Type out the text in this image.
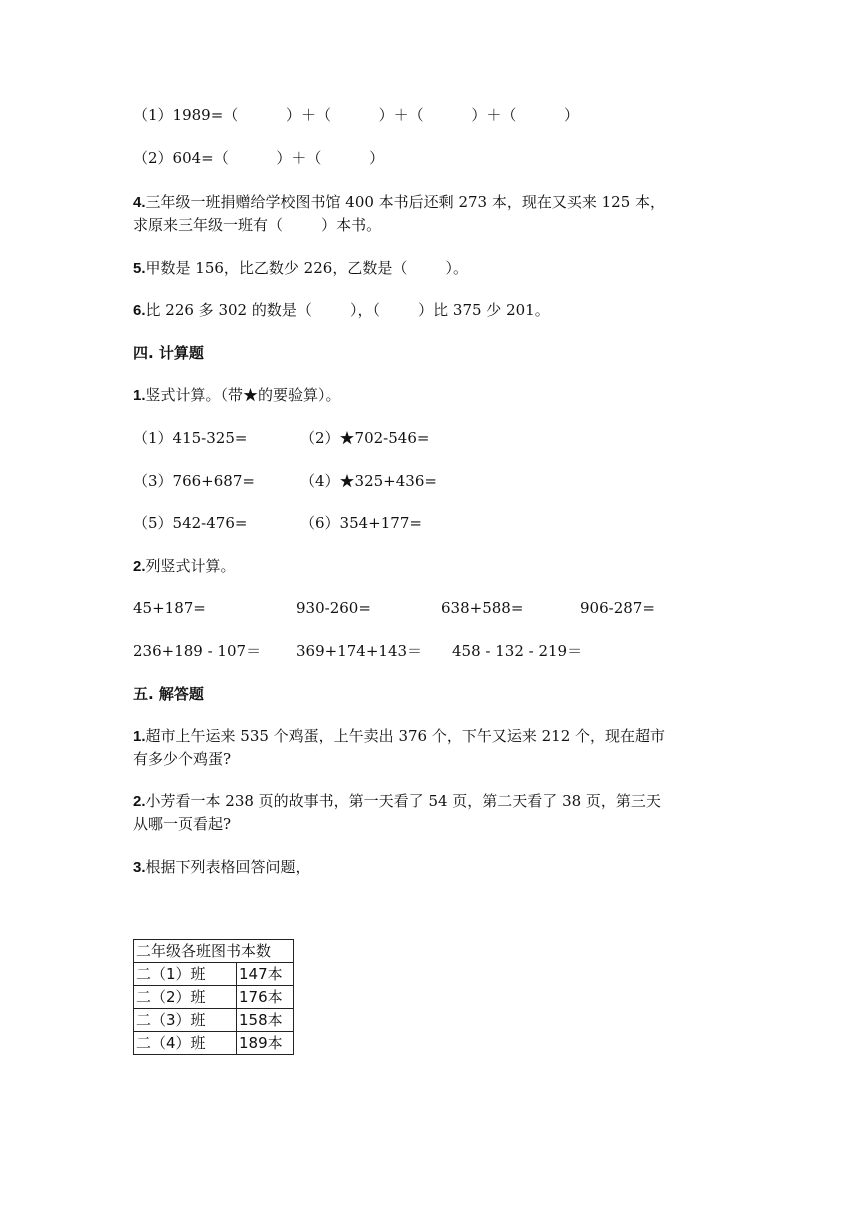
（1）1989=（          ）＋（          ）＋（          ）＋（          ）
（2）604=（          ）＋（          ）
4.三年级一班捐赠给学校图书馆 400 本书后还剩 273 本，现在又买来 125 本，
求原来三年级一班有（        ）本书。
5.甲数是 156，比乙数少 226，乙数是（        ）。
6.比 226 多 302 的数是（        ），（        ）比 375 少 201。
四. 计算题
1.竖式计算。（带★的要验算）。
（1）415-325=	（2）★702-546=
（3）766+687=	（4）★325+436=
（5）542-476=	（6）354+177=
2.列竖式计算。
45+187=	930-260=	638+588=	906-287=
236+189 - 107＝ 369+174+143＝ 458 - 132 - 219＝
五. 解答题
1.超市上午运来 535 个鸡蛋，上午卖出 376 个，下午又运来 212 个，现在超市
有多少个鸡蛋?
2.小芳看一本 238 页的故事书，第一天看了 54 页，第二天看了 38 页，第三天
从哪一页看起?
3.根据下列表格回答问题，
二年级各班图书本数	
二（1）班	147本
二（2）班	176本
二（3）班	158本
二（4）班	189本
